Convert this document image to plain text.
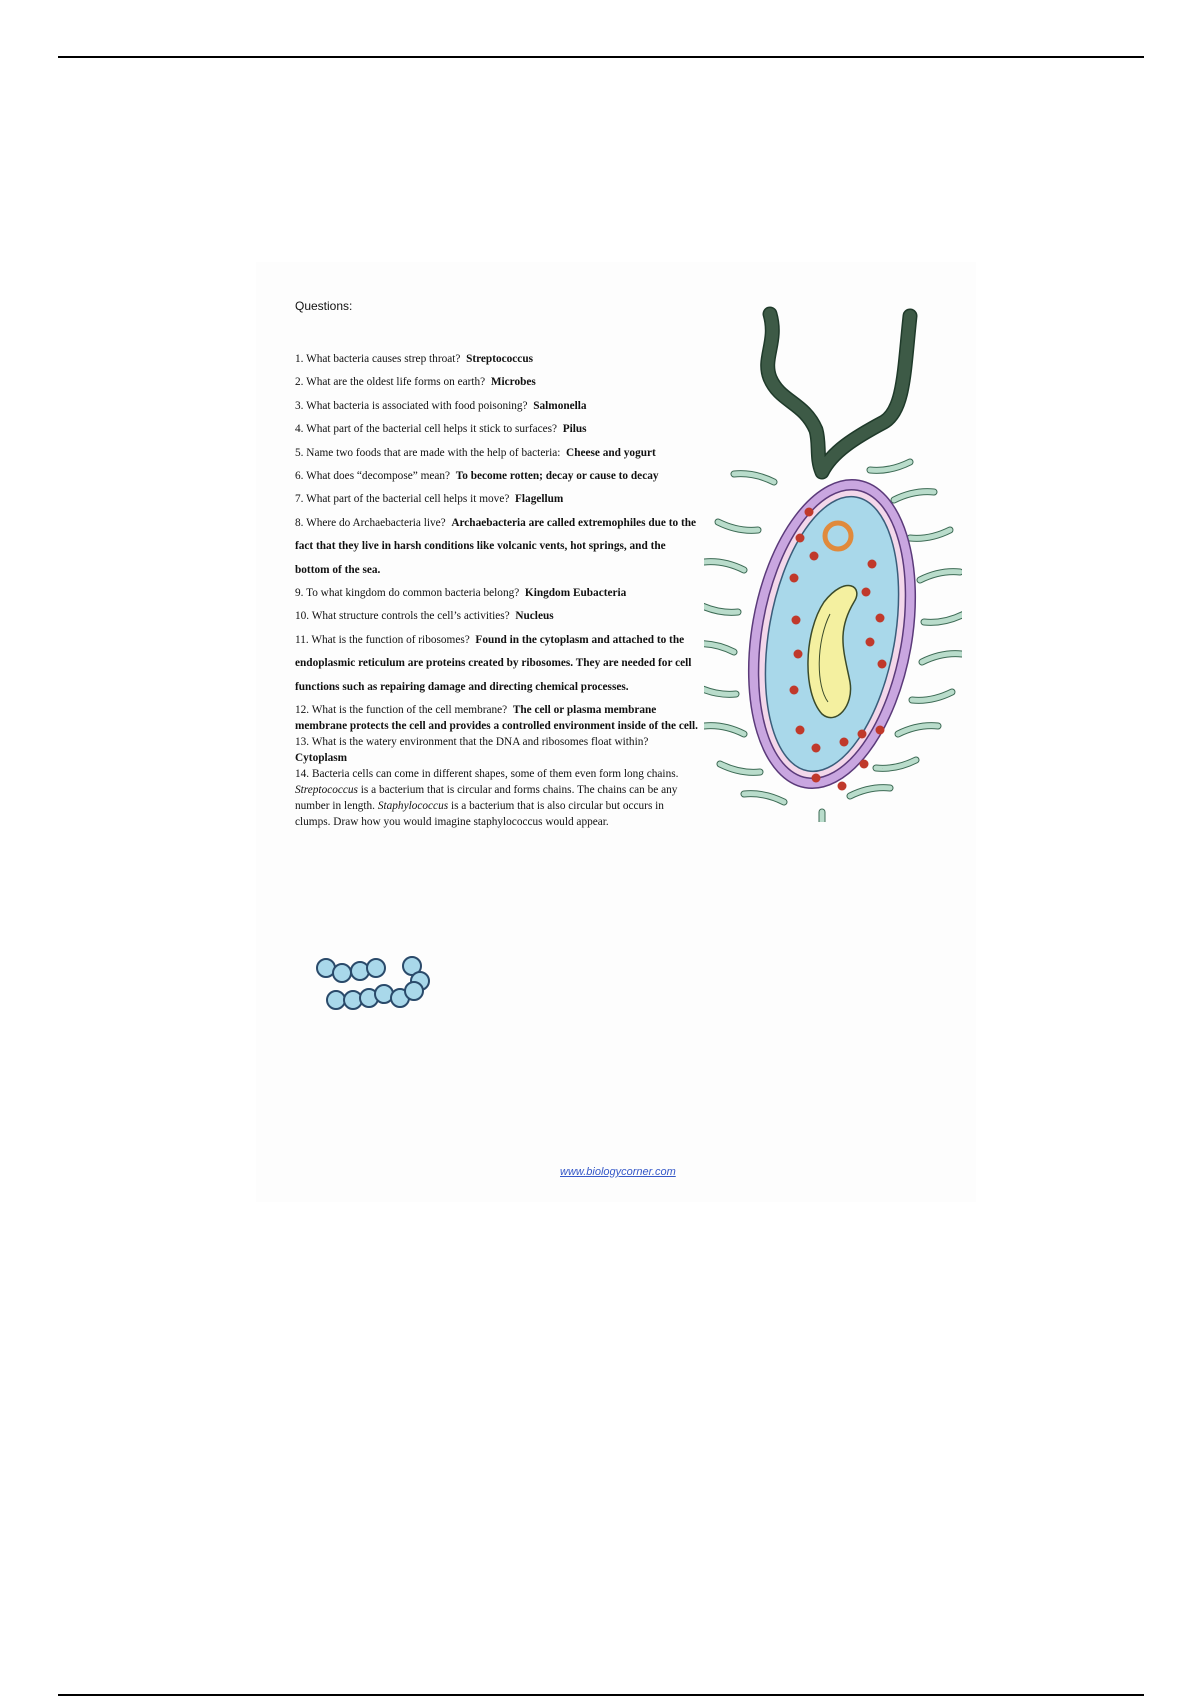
Questions:

1. What bacteria causes strep throat? Streptococcus

2. What are the oldest life forms on earth? Microbes

3. What bacteria is associated with food poisoning? Salmonella

4. What part of the bacterial cell helps it stick to surfaces? Pilus

5. Name two foods that are made with the help of bacteria: Cheese and yogurt

6. What does “decompose” mean? To become rotten; decay or cause to decay

7. What part of the bacterial cell helps it move? Flagellum

8. Where do Archaebacteria live? Archaebacteria are called extremophiles due to the fact that they live in harsh conditions like volcanic vents, hot springs, and the bottom of the sea.

9. To what kingdom do common bacteria belong? Kingdom Eubacteria

10. What structure controls the cell’s activities? Nucleus

11. What is the function of ribosomes? Found in the cytoplasm and attached to the endoplasmic reticulum are proteins created by ribosomes. They are needed for cell functions such as repairing damage and directing chemical processes.

12. What is the function of the cell membrane? The cell or plasma membrane membrane protects the cell and provides a controlled environment inside of the cell.

13. What is the watery environment that the DNA and ribosomes float within?  Cytoplasm

14. Bacteria cells can come in different shapes, some of them even form long chains. Streptococcus is a bacterium that is circular and forms chains. The chains can be any number in length. Staphylococcus is a bacterium that is also circular but occurs in clumps. Draw how you would imagine staphylococcus would appear.

·
www.biologycorner.com
